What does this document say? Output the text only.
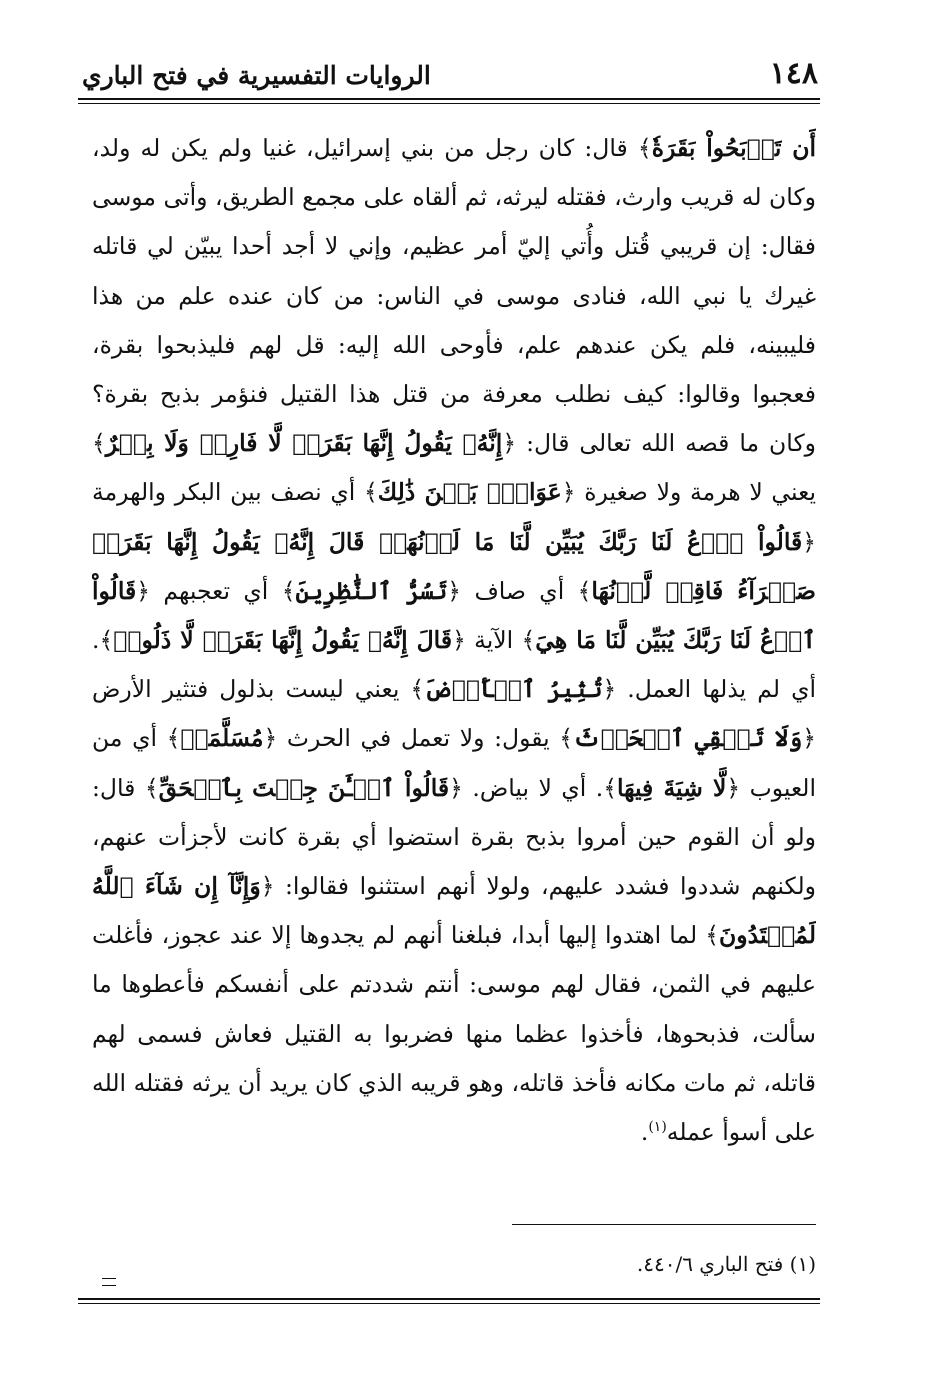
١٤٨
الروايات التفسيرية في فتح الباري

أَن تَذۡبَحُواْ بَقَرَةٗ﴾ قال: كان رجل من بني إسرائيل، غنيا ولم يكن له ولد، وكان له قريب وارث، فقتله ليرثه، ثم ألقاه على مجمع الطريق، وأتى موسى فقال: إن قريبي قُتل وأُتي إليّ أمر عظيم، وإني لا أجد أحدا يبيّن لي قاتله غيرك يا نبي الله، فنادى موسى في الناس: من كان عنده علم من هذا فليبينه، فلم يكن عندهم علم، فأوحى الله إليه: قل لهم فليذبحوا بقرة، فعجبوا وقالوا: كيف نطلب معرفة من قتل هذا القتيل فنؤمر بذبح بقرة؟ وكان ما قصه الله تعالى قال: ﴿إِنَّهُۥ يَقُولُ إِنَّهَا بَقَرَةٞ لَّا فَارِضٞ وَلَا بِكۡرٌ﴾ يعني لا هرمة ولا صغيرة ﴿عَوَانُۢ بَيۡنَ ذَٰلِكَ﴾ أي نصف بين البكر والهرمة ﴿قَالُواْ ٱدۡعُ لَنَا رَبَّكَ يُبَيِّن لَّنَا مَا لَوۡنُهَاۚ قَالَ إِنَّهُۥ يَقُولُ إِنَّهَا بَقَرَةٞ صَفۡرَآءُ فَاقِعٞ لَّوۡنُهَا﴾ أي صاف ﴿تَسُرُّ ٱلنَّٰظِرِينَ﴾ أي تعجبهم ﴿قَالُواْ ٱدۡعُ لَنَا رَبَّكَ يُبَيِّن لَّنَا مَا هِيَ﴾ الآية ﴿قَالَ إِنَّهُۥ يَقُولُ إِنَّهَا بَقَرَةٞ لَّا ذَلُولٞ﴾. أي لم يذلها العمل. ﴿تُثِيرُ ٱلۡأَرۡضَ﴾ يعني ليست بذلول فتثير الأرض ﴿وَلَا تَسۡقِي ٱلۡحَرۡثَ﴾ يقول: ولا تعمل في الحرث ﴿مُسَلَّمَةٞ﴾ أي من العيوب ﴿لَّا شِيَةَ فِيهَا﴾. أي لا بياض. ﴿قَالُواْ ٱلۡـَٰٔنَ جِئۡتَ بِٱلۡحَقِّ﴾ قال: ولو أن القوم حين أمروا بذبح بقرة استضوا أي بقرة كانت لأجزأت عنهم، ولكنهم شددوا فشدد عليهم، ولولا أنهم استثنوا فقالوا: ﴿وَإِنَّآ إِن شَآءَ ٱللَّهُ لَمُهۡتَدُونَ﴾ لما اهتدوا إليها أبدا، فبلغنا أنهم لم يجدوها إلا عند عجوز، فأغلت عليهم في الثمن، فقال لهم موسى: أنتم شددتم على أنفسكم فأعطوها ما سألت، فذبحوها، فأخذوا عظما منها فضربوا به القتيل فعاش فسمى لهم قاتله، ثم مات مكانه فأخذ قاتله، وهو قريبه الذي كان يريد أن يرثه فقتله الله على أسوأ عمله$^{(١)}$.

(١) فتح الباري ٤٤٠/٦.
